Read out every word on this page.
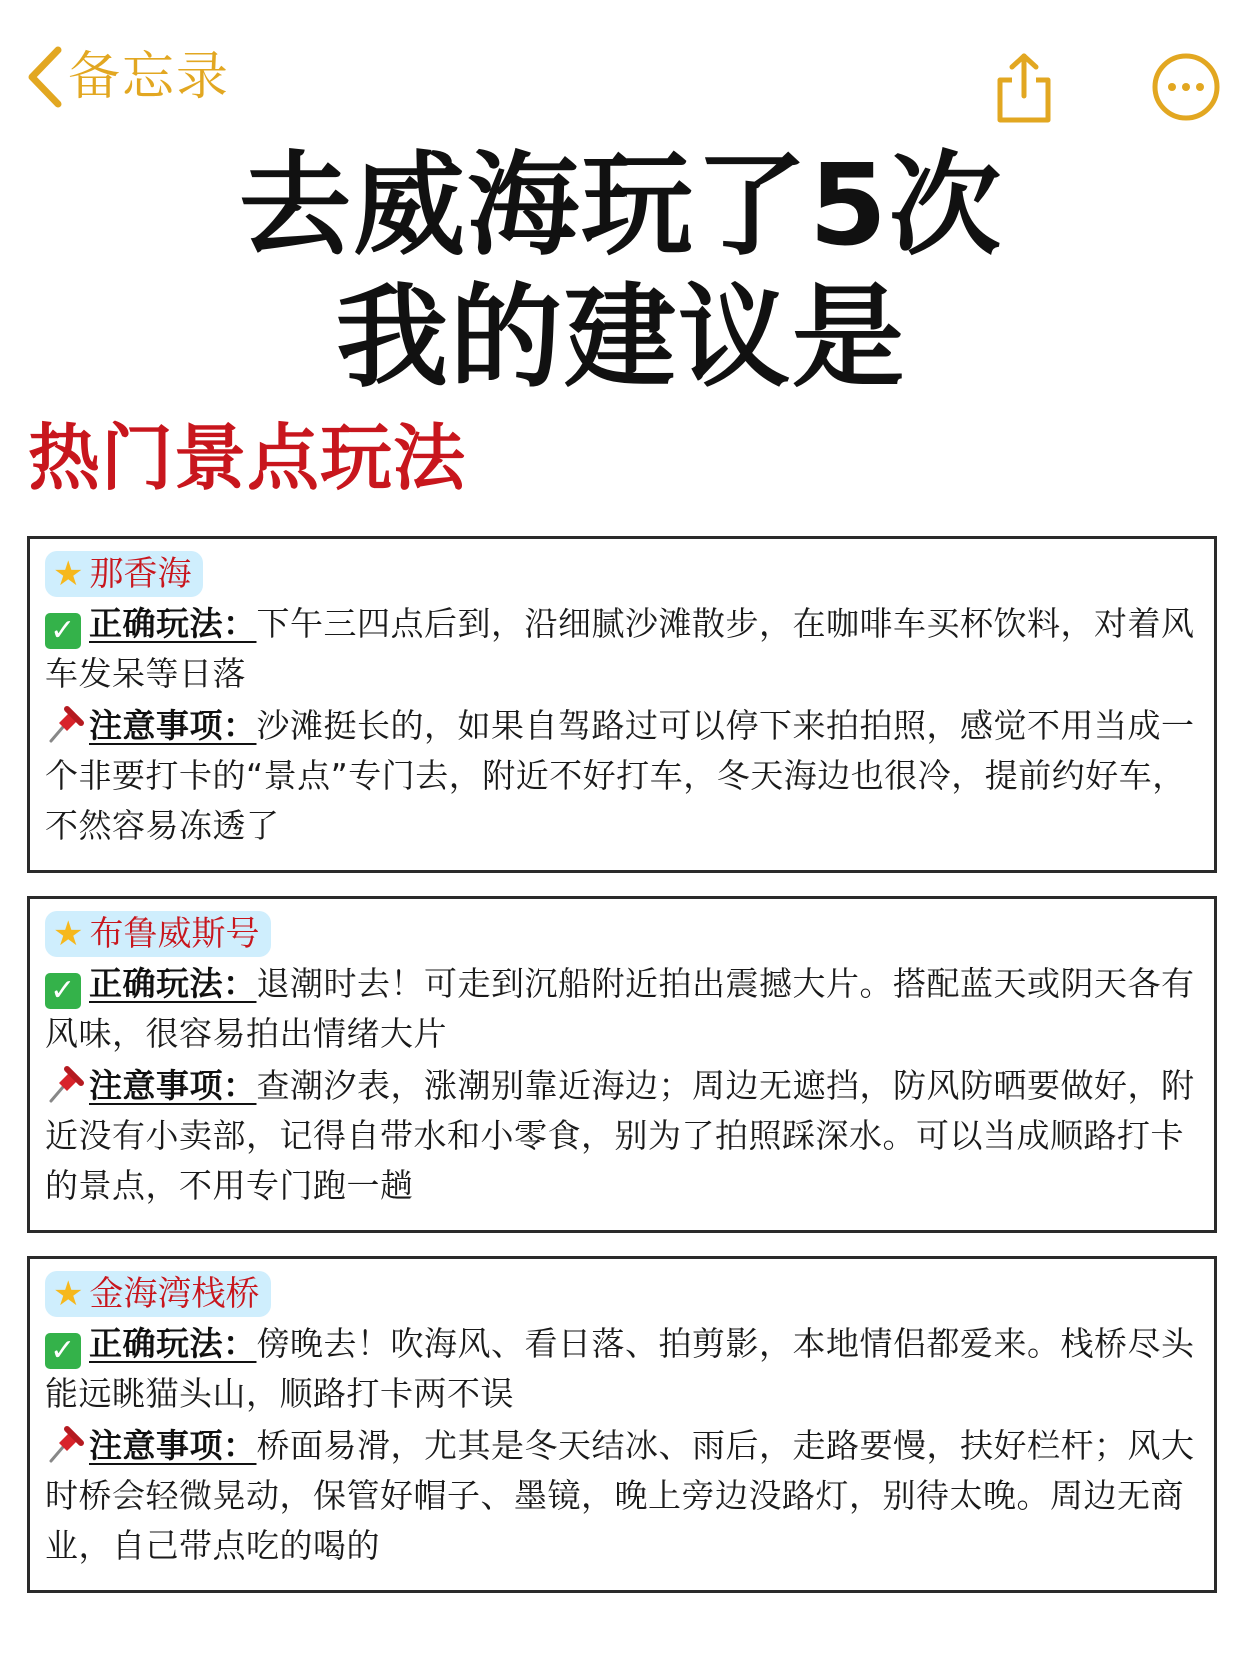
备忘录
去威海玩了5次
我的建议是
热门景点玩法
★ 那香海
✓ 正确玩法：下午三四点后到，沿细腻沙滩散步，在咖啡车买杯饮料，对着风车发呆等日落
注意事项：沙滩挺长的，如果自驾路过可以停下来拍拍照，感觉不用当成一个非要打卡的“景点”专门去，附近不好打车，冬天海边也很冷，提前约好车，不然容易冻透了
★ 布鲁威斯号
✓ 正确玩法：退潮时去！可走到沉船附近拍出震撼大片。搭配蓝天或阴天各有风味，很容易拍出情绪大片
注意事项：查潮汐表，涨潮别靠近海边；周边无遮挡，防风防晒要做好，附近没有小卖部，记得自带水和小零食，别为了拍照踩深水。可以当成顺路打卡的景点，不用专门跑一趟
★ 金海湾栈桥
✓ 正确玩法：傍晚去！吹海风、看日落、拍剪影，本地情侣都爱来。栈桥尽头能远眺猫头山，顺路打卡两不误
注意事项：桥面易滑，尤其是冬天结冰、雨后，走路要慢，扶好栏杆；风大时桥会轻微晃动，保管好帽子、墨镜，晚上旁边没路灯，别待太晚。周边无商业，自己带点吃的喝的
